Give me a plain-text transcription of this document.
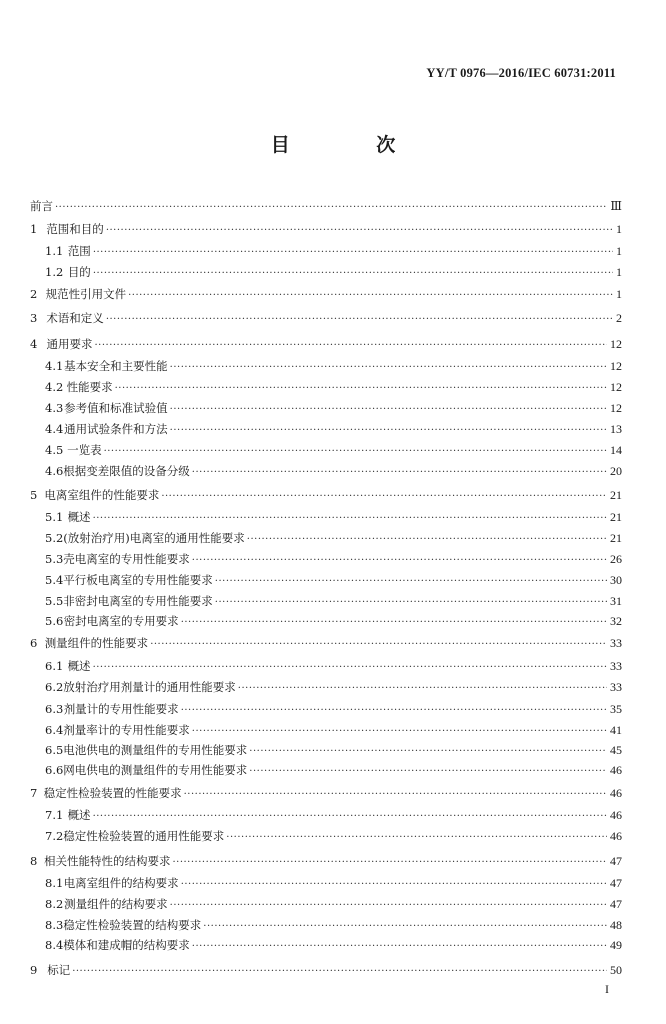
YY/T 0976—2016/IEC 60731:2011
目 次
前言 ·····	Ⅲ
1 范围和目的 ·····	1
1.1 范围 ·····	1
1.2 目的 ·····	1
2 规范性引用文件 ·····	1
3 术语和定义 ·····	2
4 通用要求 ·····	12
4.1 基本安全和主要性能 ·····	12
4.2 性能要求 ·····	12
4.3 参考值和标准试验值 ·····	12
4.4 通用试验条件和方法 ·····	13
4.5 一览表 ·····	14
4.6 根据变差限值的设备分级 ·····	20
5 电离室组件的性能要求 ·····	21
5.1 概述 ·····	21
5.2 (放射治疗用)电离室的通用性能要求 ·····	21
5.3 壳电离室的专用性能要求 ·····	26
5.4 平行板电离室的专用性能要求 ·····	30
5.5 非密封电离室的专用性能要求 ·····	31
5.6 密封电离室的专用要求 ·····	32
6 测量组件的性能要求 ·····	33
6.1 概述 ·····	33
6.2 放射治疗用剂量计的通用性能要求 ·····	33
6.3 剂量计的专用性能要求 ·····	35
6.4 剂量率计的专用性能要求 ·····	41
6.5 电池供电的测量组件的专用性能要求 ·····	45
6.6 网电供电的测量组件的专用性能要求 ·····	46
7 稳定性检验装置的性能要求 ·····	46
7.1 概述 ·····	46
7.2 稳定性检验装置的通用性能要求 ·····	46
8 相关性能特性的结构要求 ·····	47
8.1 电离室组件的结构要求 ·····	47
8.2 测量组件的结构要求 ·····	47
8.3 稳定性检验装置的结构要求 ·····	48
8.4 模体和建成帽的结构要求 ·····	49
9 标记 ·····	50
I
